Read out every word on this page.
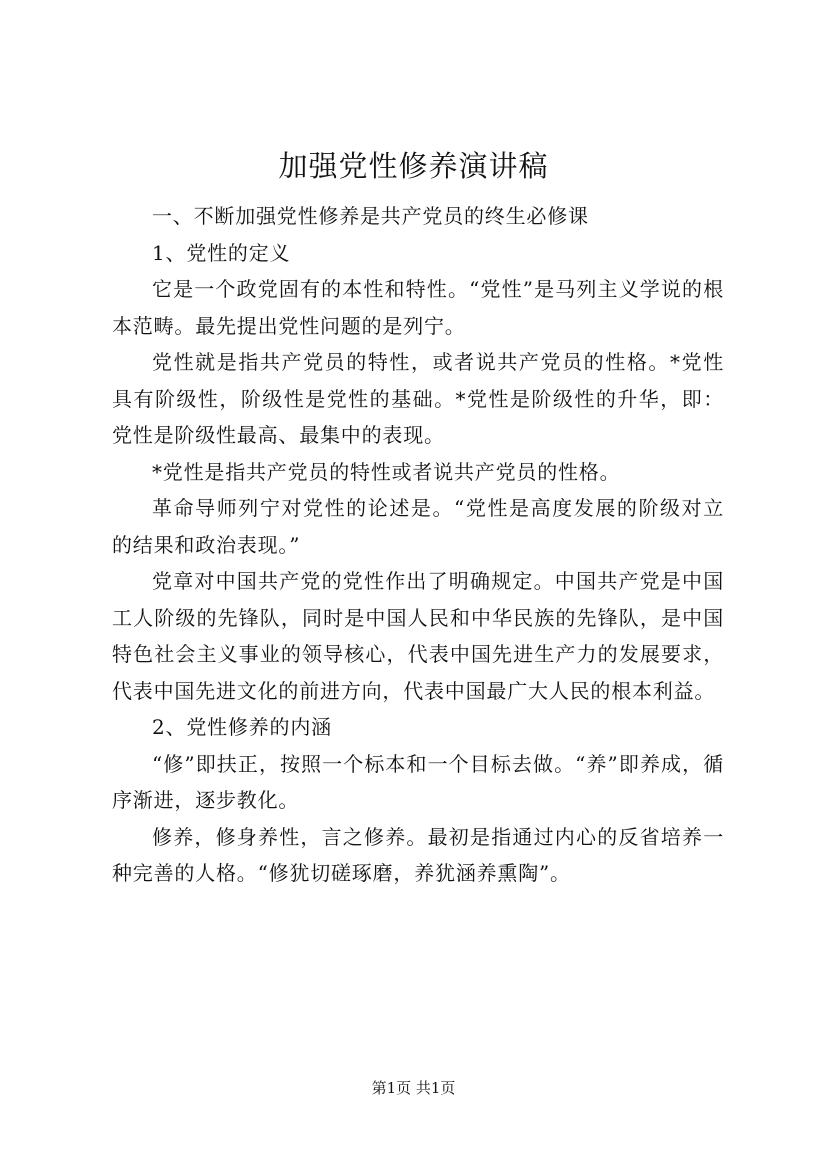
加强党性修养演讲稿

一、不断加强党性修养是共产党员的终生必修课

1、党性的定义

它是一个政党固有的本性和特性。“党性”是马列主义学说的根本范畴。最先提出党性问题的是列宁。

党性就是指共产党员的特性，或者说共产党员的性格。*党性具有阶级性，阶级性是党性的基础。*党性是阶级性的升华，即：党性是阶级性最高、最集中的表现。

*党性是指共产党员的特性或者说共产党员的性格。

革命导师列宁对党性的论述是。“党性是高度发展的阶级对立的结果和政治表现。”

党章对中国共产党的党性作出了明确规定。中国共产党是中国工人阶级的先锋队，同时是中国人民和中华民族的先锋队，是中国特色社会主义事业的领导核心，代表中国先进生产力的发展要求，代表中国先进文化的前进方向，代表中国最广大人民的根本利益。

2、党性修养的内涵

“修”即扶正，按照一个标本和一个目标去做。“养”即养成，循序渐进，逐步教化。

修养，修身养性，言之修养。最初是指通过内心的反省培养一种完善的人格。“修犹切磋琢磨，养犹涵养熏陶”。

第1页 共1页
